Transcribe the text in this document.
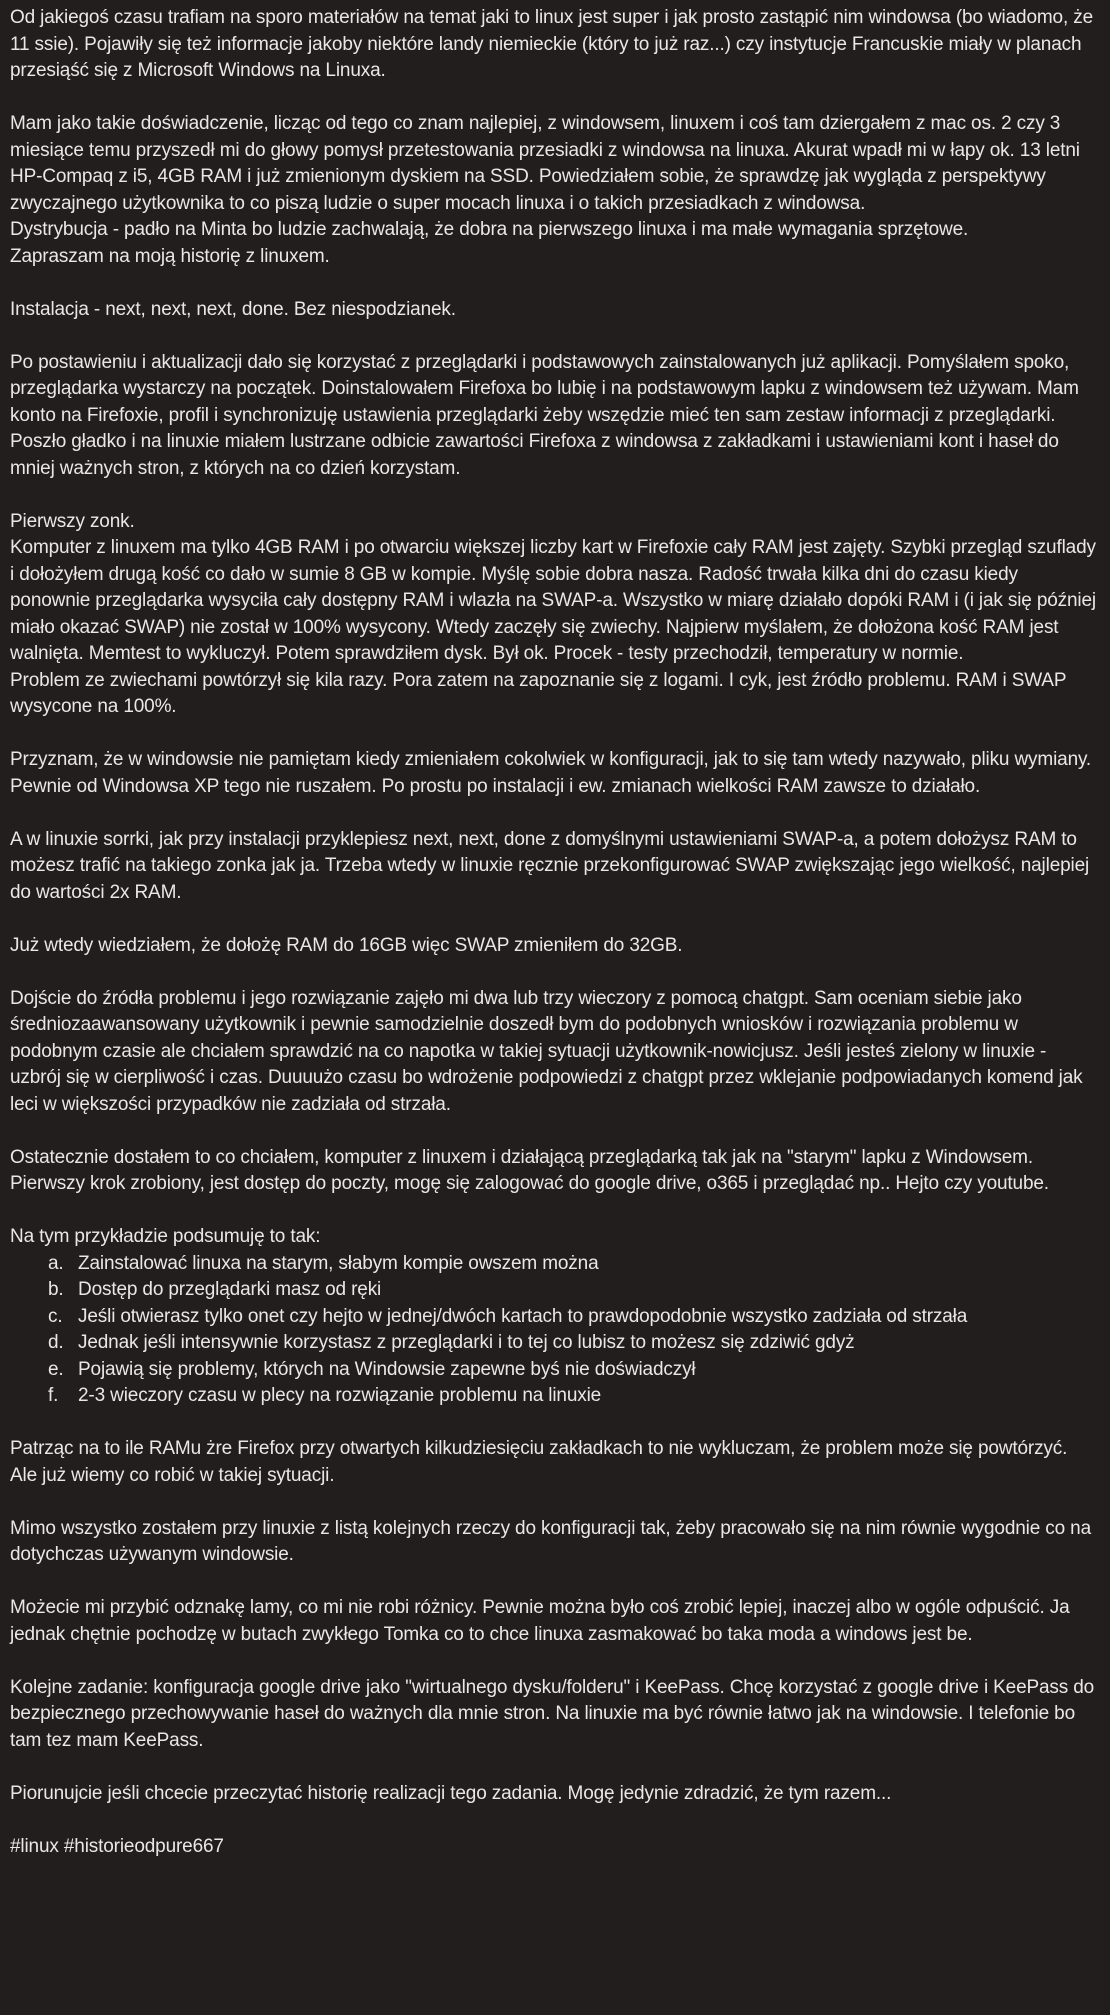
Od jakiegoś czasu trafiam na sporo materiałów na temat jaki to linux jest super i jak prosto zastąpić nim windowsa (bo wiadomo, że 11 ssie). Pojawiły się też informacje jakoby niektóre landy niemieckie (który to już raz...) czy instytucje Francuskie miały w planach przesiąść się z Microsoft Windows na Linuxa.
Mam jako takie doświadczenie, licząc od tego co znam najlepiej, z windowsem, linuxem i coś tam dziergałem z mac os. 2 czy 3 miesiące temu przyszedł mi do głowy pomysł przetestowania przesiadki z windowsa na linuxa. Akurat wpadł mi w łapy ok. 13 letni HP-Compaq z i5, 4GB RAM i już zmienionym dyskiem na SSD. Powiedziałem sobie, że sprawdzę jak wygląda z perspektywy zwyczajnego użytkownika to co piszą ludzie o super mocach linuxa i o takich przesiadkach z windowsa.
Dystrybucja - padło na Minta bo ludzie zachwalają, że dobra na pierwszego linuxa i ma małe wymagania sprzętowe.
Zapraszam na moją historię z linuxem.
Instalacja - next, next, next, done. Bez niespodzianek.
Po postawieniu i aktualizacji dało się korzystać z przeglądarki i podstawowych zainstalowanych już aplikacji. Pomyślałem spoko, przeglądarka wystarczy na początek. Doinstalowałem Firefoxa bo lubię i na podstawowym lapku z windowsem też używam. Mam konto na Firefoxie, profil i synchronizuję ustawienia przeglądarki żeby wszędzie mieć ten sam zestaw informacji z przeglądarki. Poszło gładko i na linuxie miałem lustrzane odbicie zawartości Firefoxa z windowsa z zakładkami i ustawieniami kont i haseł do mniej ważnych stron, z których na co dzień korzystam.
Pierwszy zonk.
Komputer z linuxem ma tylko 4GB RAM i po otwarciu większej liczby kart w Firefoxie cały RAM jest zajęty. Szybki przegląd szuflady i dołożyłem drugą kość co dało w sumie 8 GB w kompie. Myślę sobie dobra nasza. Radość trwała kilka dni do czasu kiedy ponownie przeglądarka wysyciła cały dostępny RAM i wlazła na SWAP-a. Wszystko w miarę działało dopóki RAM i (i jak się później miało okazać SWAP) nie został w 100% wysycony. Wtedy zaczęły się zwiechy. Najpierw myślałem, że dołożona kość RAM jest walnięta. Memtest to wykluczył. Potem sprawdziłem dysk. Był ok. Procek - testy przechodził, temperatury w normie.
Problem ze zwiechami powtórzył się kila razy. Pora zatem na zapoznanie się z logami. I cyk, jest źródło problemu. RAM i SWAP wysycone na 100%.
Przyznam, że w windowsie nie pamiętam kiedy zmieniałem cokolwiek w konfiguracji, jak to się tam wtedy nazywało, pliku wymiany. Pewnie od Windowsa XP tego nie ruszałem. Po prostu po instalacji i ew. zmianach wielkości RAM zawsze to działało.
A w linuxie sorrki, jak przy instalacji przyklepiesz next, next, done z domyślnymi ustawieniami SWAP-a, a potem dołożysz RAM to możesz trafić na takiego zonka jak ja. Trzeba wtedy w linuxie ręcznie przekonfigurować SWAP zwiększając jego wielkość, najlepiej do wartości 2x RAM.
Już wtedy wiedziałem, że dołożę RAM do 16GB więc SWAP zmieniłem do 32GB.
Dojście do źródła problemu i jego rozwiązanie zajęło mi dwa lub trzy wieczory z pomocą chatgpt. Sam oceniam siebie jako średniozaawansowany użytkownik i pewnie samodzielnie doszedł bym do podobnych wniosków i rozwiązania problemu w podobnym czasie ale chciałem sprawdzić na co napotka w takiej sytuacji użytkownik-nowicjusz. Jeśli jesteś zielony w linuxie - uzbrój się w cierpliwość i czas. Duuuużo czasu bo wdrożenie podpowiedzi z chatgpt przez wklejanie podpowiadanych komend jak leci w większości przypadków nie zadziała od strzała.
Ostatecznie dostałem to co chciałem, komputer z linuxem i działającą przeglądarką tak jak na "starym" lapku z Windowsem. Pierwszy krok zrobiony, jest dostęp do poczty, mogę się zalogować do google drive, o365 i przeglądać np.. Hejto czy youtube.
Na tym przykładzie podsumuję to tak:
a. Zainstalować linuxa na starym, słabym kompie owszem można
b. Dostęp do przeglądarki masz od ręki
c. Jeśli otwierasz tylko onet czy hejto w jednej/dwóch kartach to prawdopodobnie wszystko zadziała od strzała
d. Jednak jeśli intensywnie korzystasz z przeglądarki i to tej co lubisz to możesz się zdziwić gdyż
e. Pojawią się problemy, których na Windowsie zapewne byś nie doświadczył
f.	2-3 wieczory czasu w plecy na rozwiązanie problemu na linuxie
Patrząc na to ile RAMu żre Firefox przy otwartych kilkudziesięciu zakładkach to nie wykluczam, że problem może się powtórzyć. Ale już wiemy co robić w takiej sytuacji.
Mimo wszystko zostałem przy linuxie z listą kolejnych rzeczy do konfiguracji tak, żeby pracowało się na nim równie wygodnie co na dotychczas używanym windowsie.
Możecie mi przybić odznakę lamy, co mi nie robi różnicy. Pewnie można było coś zrobić lepiej, inaczej albo w ogóle odpuścić. Ja jednak chętnie pochodzę w butach zwykłego Tomka co to chce linuxa zasmakować bo taka moda a windows jest be.
Kolejne zadanie: konfiguracja google drive jako "wirtualnego dysku/folderu" i KeePass. Chcę korzystać z google drive i KeePass do bezpiecznego przechowywanie haseł do ważnych dla mnie stron. Na linuxie ma być równie łatwo jak na windowsie. I telefonie bo tam tez mam KeePass.
Piorunujcie jeśli chcecie przeczytać historię realizacji tego zadania. Mogę jedynie zdradzić, że tym razem...
#linux #historieodpure667
